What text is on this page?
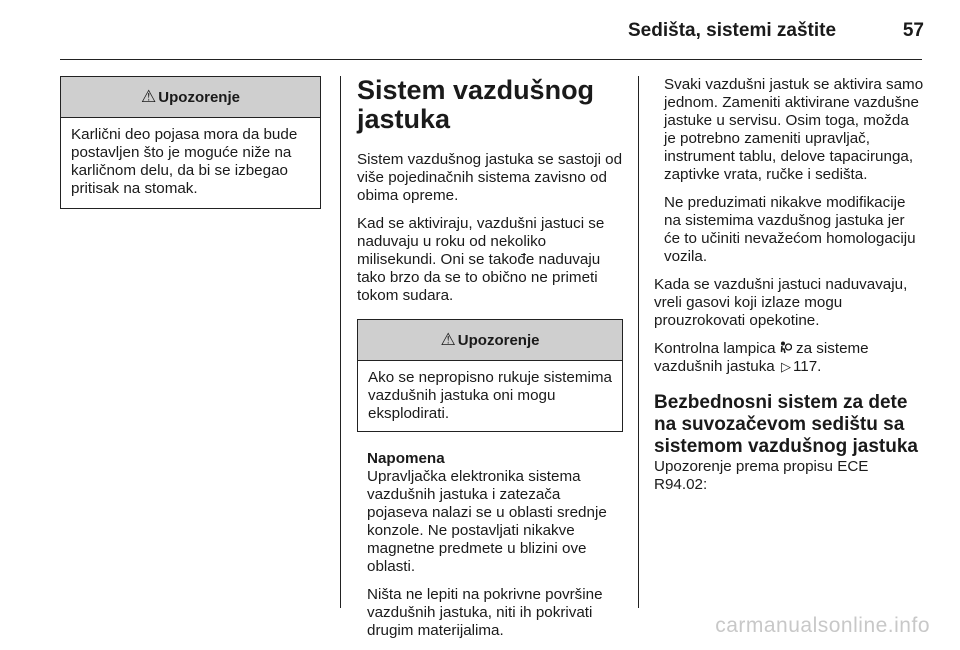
Sedišta, sistemi zaštite	57
⚠ Upozorenje
Karlični deo pojasa mora da bude postavljen što je moguće niže na karličnom delu, da bi se izbegao pritisak na stomak.
Sistem vazdušnog jastuka

Sistem vazdušnog jastuka se sastoji od više pojedinačnih sistema zavisno od obima opreme.

Kad se aktiviraju, vazdušni jastuci se naduvaju u roku od nekoliko milisekundi. Oni se takođe naduvaju tako brzo da se to obično ne primeti tokom sudara.

⚠ Upozorenje
Ako se nepropisno rukuje sistemima vazdušnih jastuka oni mogu eksplodirati.
Napomena

Upravljačka elektronika sistema vazdušnih jastuka i zatezača pojaseva nalazi se u oblasti srednje konzole. Ne postavljati nikakve magnetne predmete u blizini ove oblasti.

Ništa ne lepiti na pokrivne površine vazdušnih jastuka, niti ih pokrivati drugim materijalima.

Svaki vazdušni jastuk se aktivira samo jednom. Zameniti aktivirane vazdušne jastuke u servisu. Osim toga, možda je potrebno zameniti upravljač, instrument tablu, delove tapacirunga, zaptivke vrata, ručke i sedišta.

Ne preduzimati nikakve modifikacije na sistemima vazdušnog jastuka jer će to učiniti nevažećom homologaciju vozila.

Kada se vazdušni jastuci naduvavaju, vreli gasovi koji izlaze mogu prouzrokovati opekotine.

Kontrolna lampica za sisteme vazdušnih jastuka ▷ 117.

Bezbednosni sistem za dete na suvozačevom sedištu sa sistemom vazdušnog jastuka

Upozorenje prema propisu ECE R94.02:

carmanualsonline.info
